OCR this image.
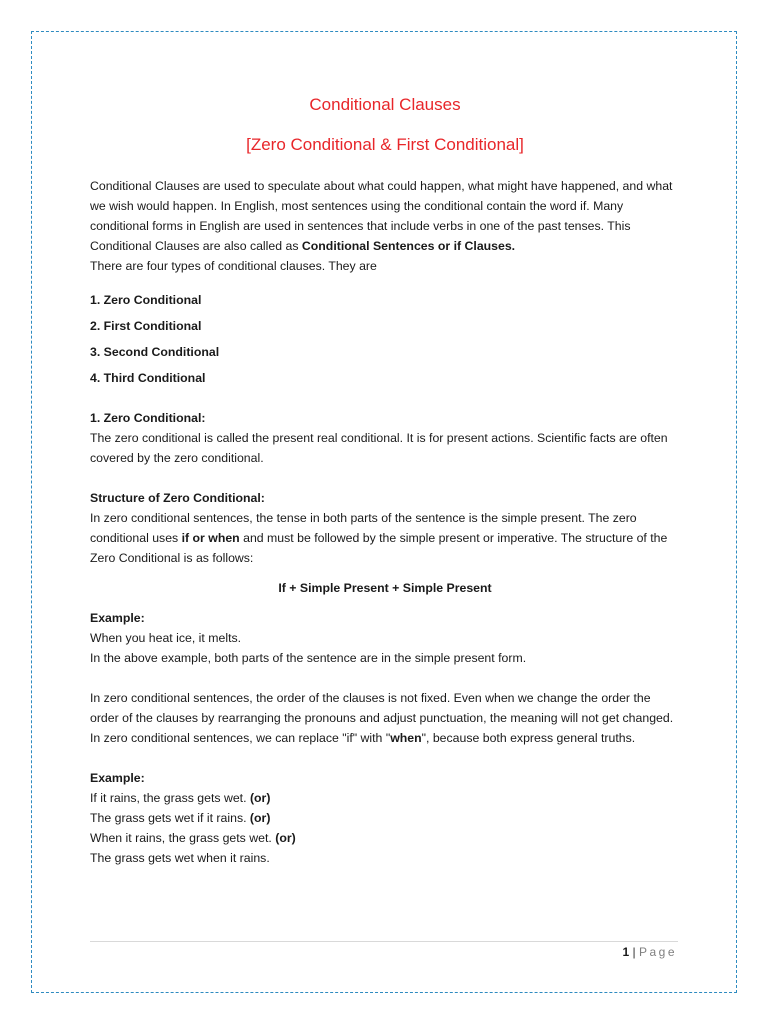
Conditional Clauses
[Zero Conditional & First Conditional]

Conditional Clauses are used to speculate about what could happen, what might have happened, and what we wish would happen. In English, most sentences using the conditional contain the word if. Many conditional forms in English are used in sentences that include verbs in one of the past tenses. This Conditional Clauses are also called as Conditional Sentences or if Clauses.

There are four types of conditional clauses. They are

1. Zero Conditional

2. First Conditional

3. Second Conditional

4. Third Conditional

1. Zero Conditional:

The zero conditional is called the present real conditional. It is for present actions. Scientific facts are often covered by the zero conditional.

Structure of Zero Conditional:

In zero conditional sentences, the tense in both parts of the sentence is the simple present. The zero conditional uses if or when and must be followed by the simple present or imperative. The structure of the Zero Conditional is as follows:

If + Simple Present + Simple Present

Example:

When you heat ice, it melts.

In the above example, both parts of the sentence are in the simple present form.

In zero conditional sentences, the order of the clauses is not fixed. Even when we change the order the order of the clauses by rearranging the pronouns and adjust punctuation, the meaning will not get changed. In zero conditional sentences, we can replace "if" with "when", because both express general truths.

Example:

If it rains, the grass gets wet. (or)

The grass gets wet if it rains. (or)

When it rains, the grass gets wet. (or)

The grass gets wet when it rains.

1 | Page
